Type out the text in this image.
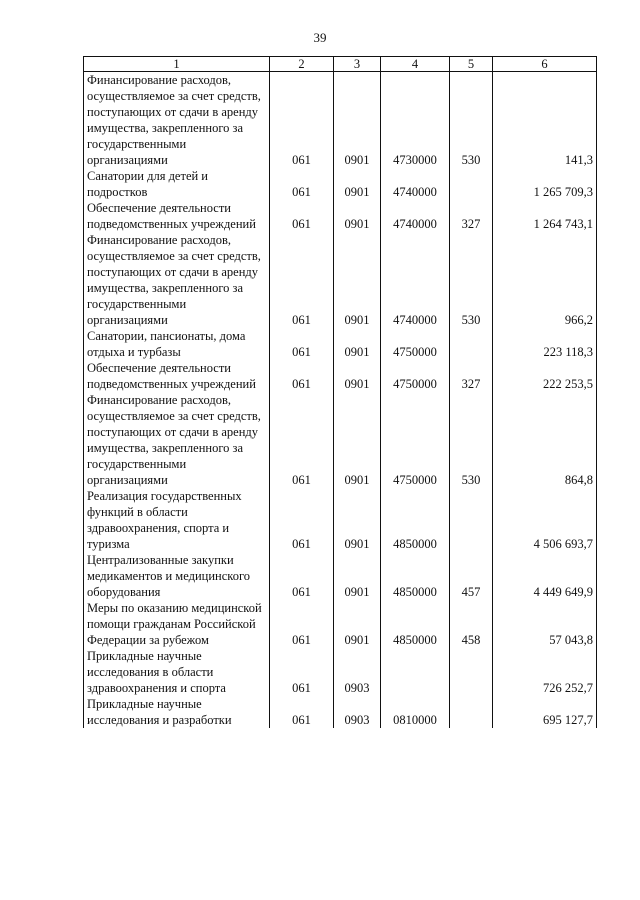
39
1	2	3	4	5	6
Финансирование расходов, осуществляемое за счет средств, поступающих от сдачи в аренду имущества, закрепленного за государственными организациями	061	0901	4730000	530	141,3
Санатории для детей и подростков	061	0901	4740000		1 265 709,3
Обеспечение деятельности подведомственных учреждений	061	0901	4740000	327	1 264 743,1
Финансирование расходов, осуществляемое за счет средств, поступающих от сдачи в аренду имущества, закрепленного за государственными организациями	061	0901	4740000	530	966,2
Санатории, пансионаты, дома отдыха и турбазы	061	0901	4750000		223 118,3
Обеспечение деятельности подведомственных учреждений	061	0901	4750000	327	222 253,5
Финансирование расходов, осуществляемое за счет средств, поступающих от сдачи в аренду имущества, закрепленного за государственными организациями	061	0901	4750000	530	864,8
Реализация государственных функций в области здравоохранения, спорта и туризма	061	0901	4850000		4 506 693,7
Централизованные закупки медикаментов и медицинского оборудования	061	0901	4850000	457	4 449 649,9
Меры по оказанию медицинской помощи гражданам Российской Федерации за рубежом	061	0901	4850000	458	57 043,8
Прикладные научные исследования в области здравоохранения и спорта	061	0903			726 252,7
Прикладные научные исследования и разработки	061	0903	0810000		695 127,7
